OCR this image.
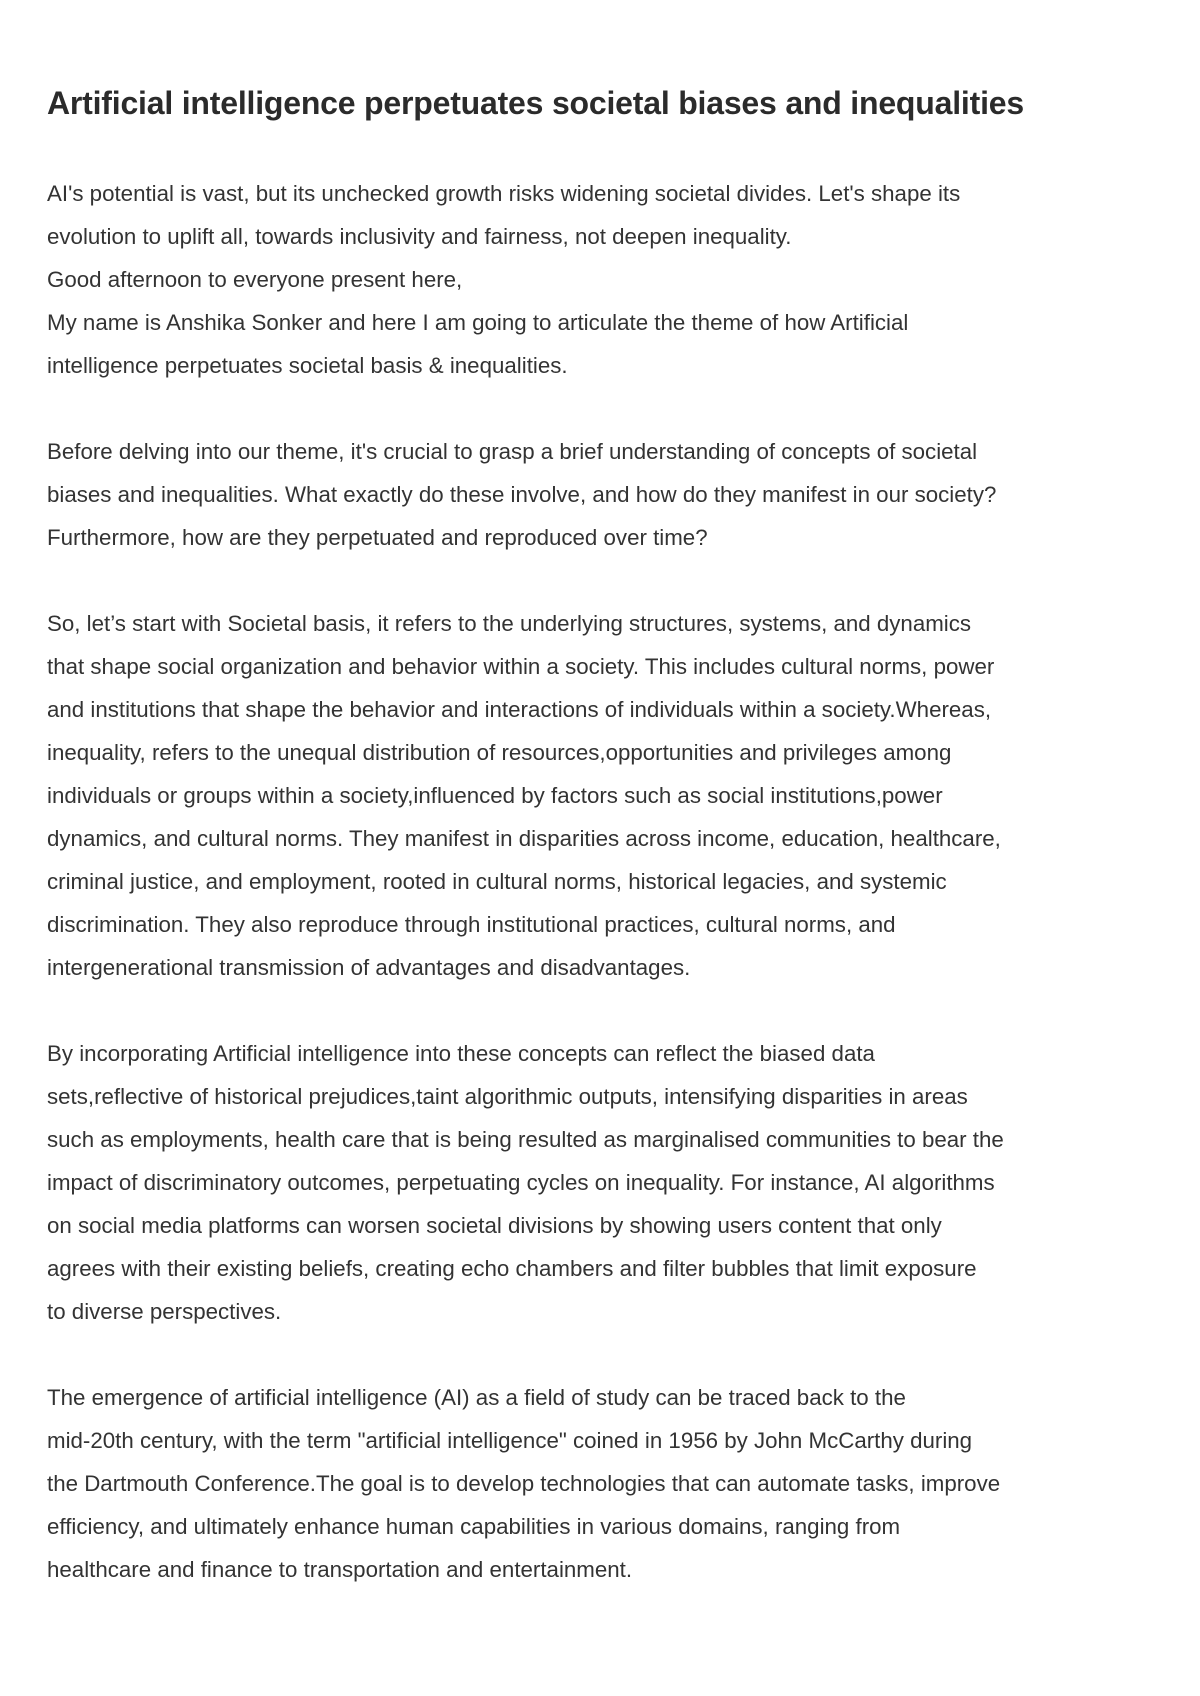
Artificial intelligence perpetuates societal biases and inequalities

AI's potential is vast, but its unchecked growth risks widening societal divides. Let's shape its

evolution to uplift all, towards inclusivity and fairness, not deepen inequality.

Good afternoon to everyone present here,

My name is Anshika Sonker and here I am going to articulate the theme of how Artificial

intelligence perpetuates societal basis & inequalities.

Before delving into our theme, it's crucial to grasp a brief understanding of concepts of societal

biases and inequalities. What exactly do these involve, and how do they manifest in our society?

Furthermore, how are they perpetuated and reproduced over time?

So, let’s start with Societal basis, it refers to the underlying structures, systems, and dynamics

that shape social organization and behavior within a society. This includes cultural norms, power

and institutions that shape the behavior and interactions of individuals within a society.Whereas,

inequality, refers to the unequal distribution of resources,opportunities and privileges among

individuals or groups within a society,influenced by factors such as social institutions,power

dynamics, and cultural norms. They manifest in disparities across income, education, healthcare,

criminal justice, and employment, rooted in cultural norms, historical legacies, and systemic

discrimination. They also reproduce through institutional practices, cultural norms, and

intergenerational transmission of advantages and disadvantages.

By incorporating Artificial intelligence into these concepts can reflect the biased data

sets,reflective of historical prejudices,taint algorithmic outputs, intensifying disparities in areas

such as employments, health care that is being resulted as marginalised communities to bear the

impact of discriminatory outcomes, perpetuating cycles on inequality. For instance, AI algorithms

on social media platforms can worsen societal divisions by showing users content that only

agrees with their existing beliefs, creating echo chambers and filter bubbles that limit exposure

to diverse perspectives.

The emergence of artificial intelligence (AI) as a field of study can be traced back to the

mid-20th century, with the term "artificial intelligence" coined in 1956 by John McCarthy during

the Dartmouth Conference.The goal is to develop technologies that can automate tasks, improve

efficiency, and ultimately enhance human capabilities in various domains, ranging from

healthcare and finance to transportation and entertainment.
